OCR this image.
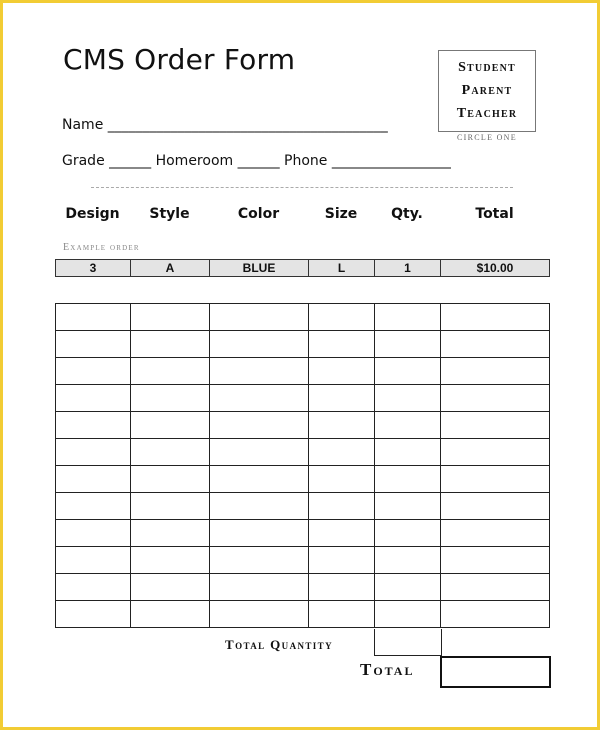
CMS Order Form	Student
Parent
Teacher
CIRCLE ONE
Name ________________________________________
Grade ______ Homeroom ______ Phone _________________
Design	Style	Color	Size	Qty.	Total
Example order
3	A	BLUE	L	1	$10.00

Total Quantity
Total
